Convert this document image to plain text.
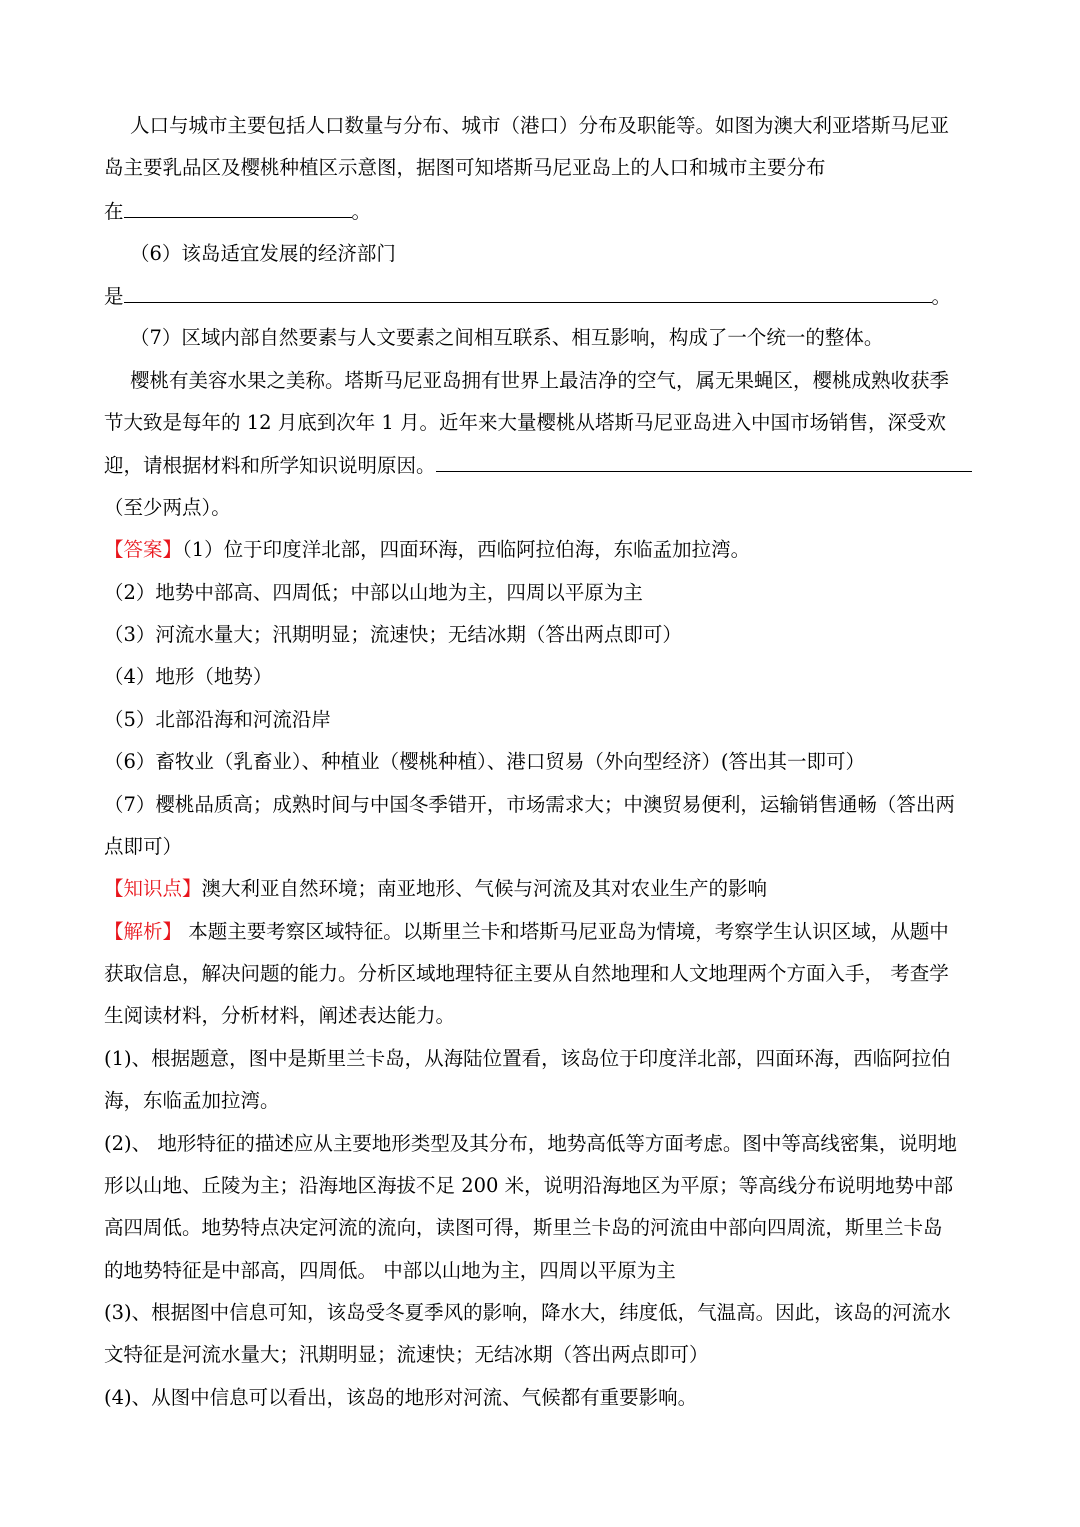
人口与城市主要包括人口数量与分布、城市（港口）分布及职能等。如图为澳大利亚塔斯马尼亚
岛主要乳品区及樱桃种植区示意图，据图可知塔斯马尼亚岛上的人口和城市主要分布
在	。
（6）该岛适宜发展的经济部门
是	。
（7）区域内部自然要素与人文要素之间相互联系、相互影响，构成了一个统一的整体。
樱桃有美容水果之美称。塔斯马尼亚岛拥有世界上最洁净的空气，属无果蝇区，樱桃成熟收获季
节大致是每年的 12 月底到次年 1 月。近年来大量樱桃从塔斯马尼亚岛进入中国市场销售，深受欢
迎，请根据材料和所学知识说明原因。
（至少两点）。
【答案】（1）位于印度洋北部，四面环海，西临阿拉伯海，东临孟加拉湾。
（2）地势中部高、四周低；中部以山地为主，四周以平原为主
（3）河流水量大；汛期明显；流速快；无结冰期（答出两点即可）
（4）地形（地势）
（5）北部沿海和河流沿岸
（6）畜牧业（乳畜业）、种植业（樱桃种植）、港口贸易（外向型经济）(答出其一即可）
（7）樱桃品质高；成熟时间与中国冬季错开，市场需求大；中澳贸易便利，运输销售通畅（答出两
点即可）
【知识点】澳大利亚自然环境；南亚地形、气候与河流及其对农业生产的影响
【解析】 本题主要考察区域特征。以斯里兰卡和塔斯马尼亚岛为情境，考察学生认识区域，从题中
获取信息，解决问题的能力。分析区域地理特征主要从自然地理和人文地理两个方面入手， 考查学
生阅读材料，分析材料，阐述表达能力。
(1)、根据题意，图中是斯里兰卡岛，从海陆位置看，该岛位于印度洋北部，四面环海，西临阿拉伯
海，东临孟加拉湾。
(2)、 地形特征的描述应从主要地形类型及其分布，地势高低等方面考虑。图中等高线密集，说明地
形以山地、丘陵为主；沿海地区海拔不足 200 米，说明沿海地区为平原；等高线分布说明地势中部
高四周低。地势特点决定河流的流向，读图可得，斯里兰卡岛的河流由中部向四周流，斯里兰卡岛
的地势特征是中部高，四周低。 中部以山地为主，四周以平原为主
(3)、根据图中信息可知，该岛受冬夏季风的影响，降水大，纬度低，气温高。因此，该岛的河流水
文特征是河流水量大；汛期明显；流速快；无结冰期（答出两点即可）
(4)、从图中信息可以看出，该岛的地形对河流、气候都有重要影响。
